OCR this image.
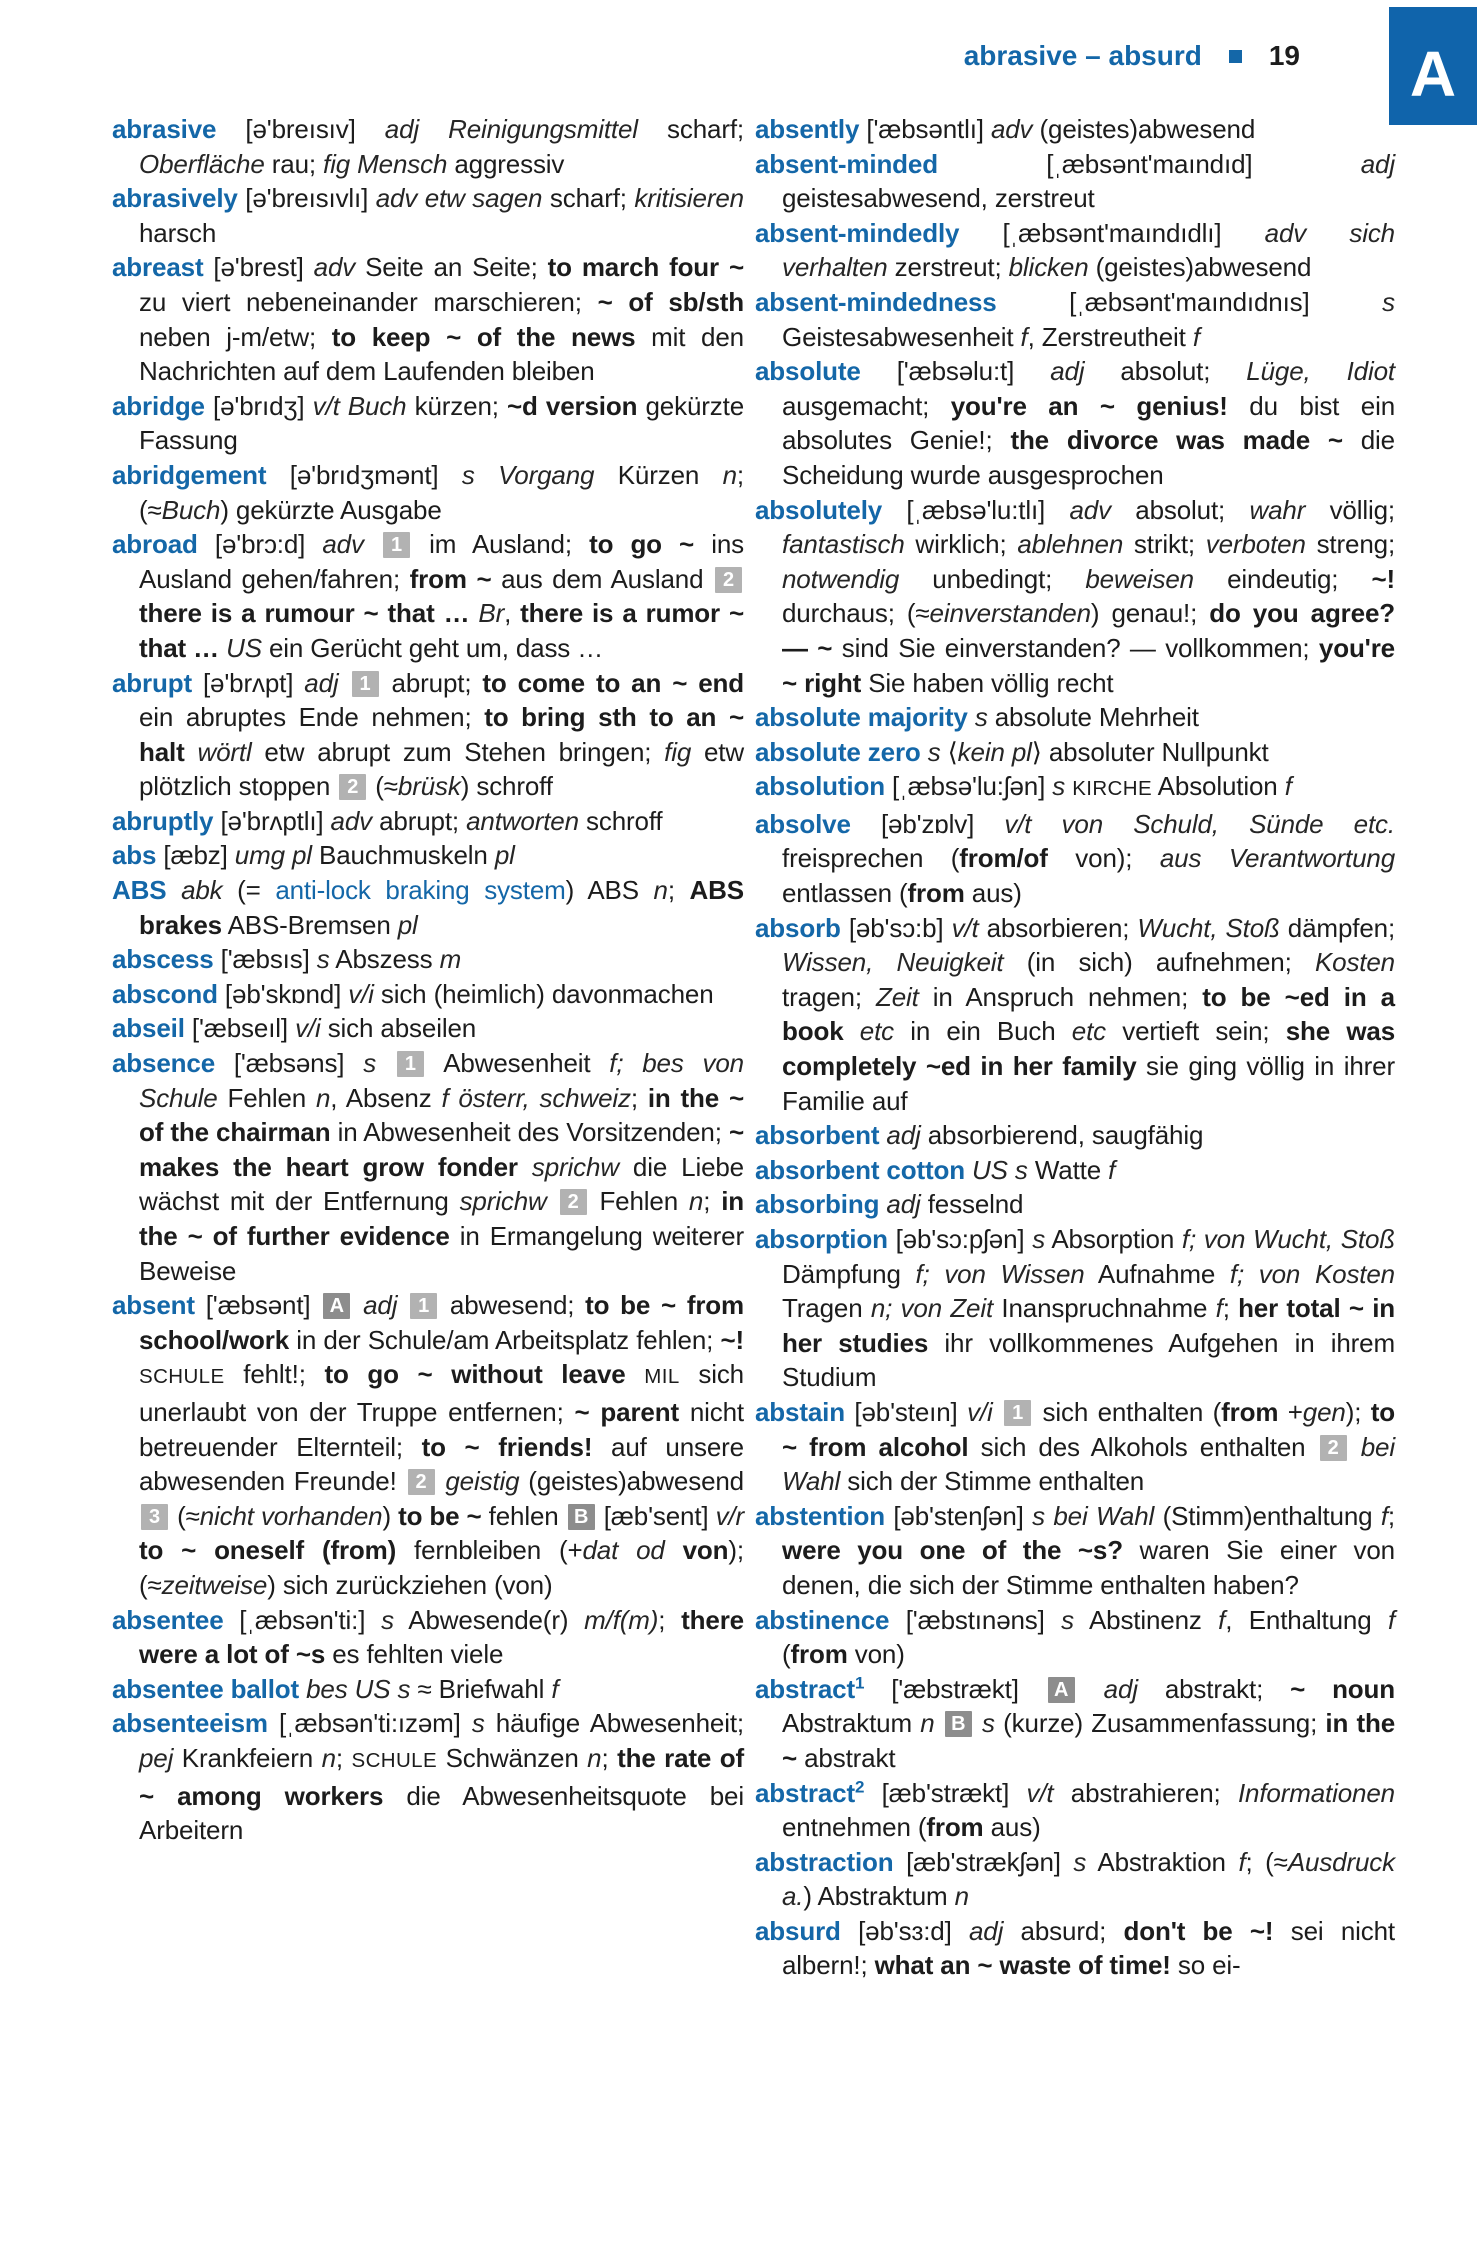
abrasive – absurd 19 A
abrasive [ə'breısıv] adj Reinigungsmittel scharf; Oberfläche rau; fig Mensch aggressiv
abrasively [ə'breısıvlı] adv etw sagen scharf; kritisieren harsch
abreast [ə'brest] adv Seite an Seite; to march four ~ zu viert nebeneinander marschieren; ~ of sb/sth neben j-m/etw; to keep ~ of the news mit den Nachrichten auf dem Laufenden bleiben
abridge [ə'brıdʒ] v/t Buch kürzen; ~d version gekürzte Fassung
abridgement [ə'brıdʒmənt] s Vorgang Kürzen n; (≈Buch) gekürzte Ausgabe
abroad [ə'brɔ:d] adv 1 im Ausland; to go ~ ins Ausland gehen/fahren; from ~ aus dem Ausland 2 there is a rumour ~ that … Br, there is a rumor ~ that … US ein Gerücht geht um, dass …
abrupt [ə'brʌpt] adj 1 abrupt; to come to an ~ end ein abruptes Ende nehmen; to bring sth to an ~ halt wörtl etw abrupt zum Stehen bringen; fig etw plötzlich stoppen 2 (≈brüsk) schroff
abruptly [ə'brʌptlı] adv abrupt; antworten schroff
abs [æbz] umg pl Bauchmuskeln pl
ABS abk (= anti-lock braking system) ABS n; ABS brakes ABS-Bremsen pl
abscess ['æbsıs] s Abszess m
abscond [əb'skɒnd] v/i sich (heimlich) davonmachen
abseil ['æbseıl] v/i sich abseilen
absence ['æbsəns] s 1 Abwesenheit f; bes von Schule Fehlen n, Absenz f österr, schweiz; in the ~ of the chairman in Abwesenheit des Vorsitzenden; ~ makes the heart grow fonder sprichw die Liebe wächst mit der Entfernung sprichw 2 Fehlen n; in the ~ of further evidence in Ermangelung weiterer Beweise
absent ['æbsənt] A adj 1 abwesend; to be ~ from school/work in der Schule/am Arbeitsplatz fehlen; ~! SCHULE fehlt!; to go ~ without leave MIL sich unerlaubt von der Truppe entfernen; ~ parent nicht betreuender Elternteil; to ~ friends! auf unsere abwesenden Freunde! 2 geistig (geistes)abwesend 3 (≈nicht vorhanden) to be ~ fehlen B [æb'sent] v/r to ~ oneself (from) fernbleiben (+dat od von); (≈zeitweise) sich zurückziehen (von)
absentee [ˌæbsən'ti:] s Abwesende(r) m/f(m); there were a lot of ~s es fehlten viele
absentee ballot bes US s ≈ Briefwahl f
absenteeism [ˌæbsən'ti:ızəm] s häufige Abwesenheit; pej Krankfeiern n; SCHULE Schwänzen n; the rate of ~ among workers die Abwesenheitsquote bei Arbeitern
absently ['æbsəntlı] adv (geistes)abwesend
absent-minded [ˌæbsənt'maındıd] adj geistesabwesend, zerstreut
absent-mindedly [ˌæbsənt'maındıdlı] adv sich verhalten zerstreut; blicken (geistes)abwesend
absent-mindedness [ˌæbsənt'maındıdnıs] s Geistesabwesenheit f, Zerstreutheit f
absolute ['æbsəlu:t] adj absolut; Lüge, Idiot ausgemacht; you're an ~ genius! du bist ein absolutes Genie!; the divorce was made ~ die Scheidung wurde ausgesprochen
absolutely [ˌæbsə'lu:tlı] adv absolut; wahr völlig; fantastisch wirklich; ablehnen strikt; verboten streng; notwendig unbedingt; beweisen eindeutig; ~! durchaus; (≈einverstanden) genau!; do you agree? — ~ sind Sie einverstanden? — vollkommen; you're ~ right Sie haben völlig recht
absolute majority s absolute Mehrheit
absolute zero s ⟨kein pl⟩ absoluter Nullpunkt
absolution [ˌæbsə'lu:ʃən] s KIRCHE Absolution f
absolve [əb'zɒlv] v/t von Schuld, Sünde etc. freisprechen (from/of von); aus Verantwortung entlassen (from aus)
absorb [əb'sɔ:b] v/t absorbieren; Wucht, Stoß dämpfen; Wissen, Neuigkeit (in sich) aufnehmen; Kosten tragen; Zeit in Anspruch nehmen; to be ~ed in a book etc in ein Buch etc vertieft sein; she was completely ~ed in her family sie ging völlig in ihrer Familie auf
absorbent adj absorbierend, saugfähig
absorbent cotton US s Watte f
absorbing adj fesselnd
absorption [əb'sɔ:pʃən] s Absorption f; von Wucht, Stoß Dämpfung f; von Wissen Aufnahme f; von Kosten Tragen n; von Zeit Inanspruchnahme f; her total ~ in her studies ihr vollkommenes Aufgehen in ihrem Studium
abstain [əb'steın] v/i 1 sich enthalten (from +gen); to ~ from alcohol sich des Alkohols enthalten 2 bei Wahl sich der Stimme enthalten
abstention [əb'stenʃən] s bei Wahl (Stimm)enthaltung f; were you one of the ~s? waren Sie einer von denen, die sich der Stimme enthalten haben?
abstinence ['æbstınəns] s Abstinenz f, Enthaltung f (from von)
abstract$^1$ ['æbstrækt] A adj abstrakt; ~ noun Abstraktum n B s (kurze) Zusammenfassung; in the ~ abstrakt
abstract$^2$ [æb'strækt] v/t abstrahieren; Informationen entnehmen (from aus)
abstraction [æb'strækʃən] s Abstraktion f; (≈Ausdruck a.) Abstraktum n
absurd [əb'sɜ:d] adj absurd; don't be ~! sei nicht albern!; what an ~ waste of time! so ei-
